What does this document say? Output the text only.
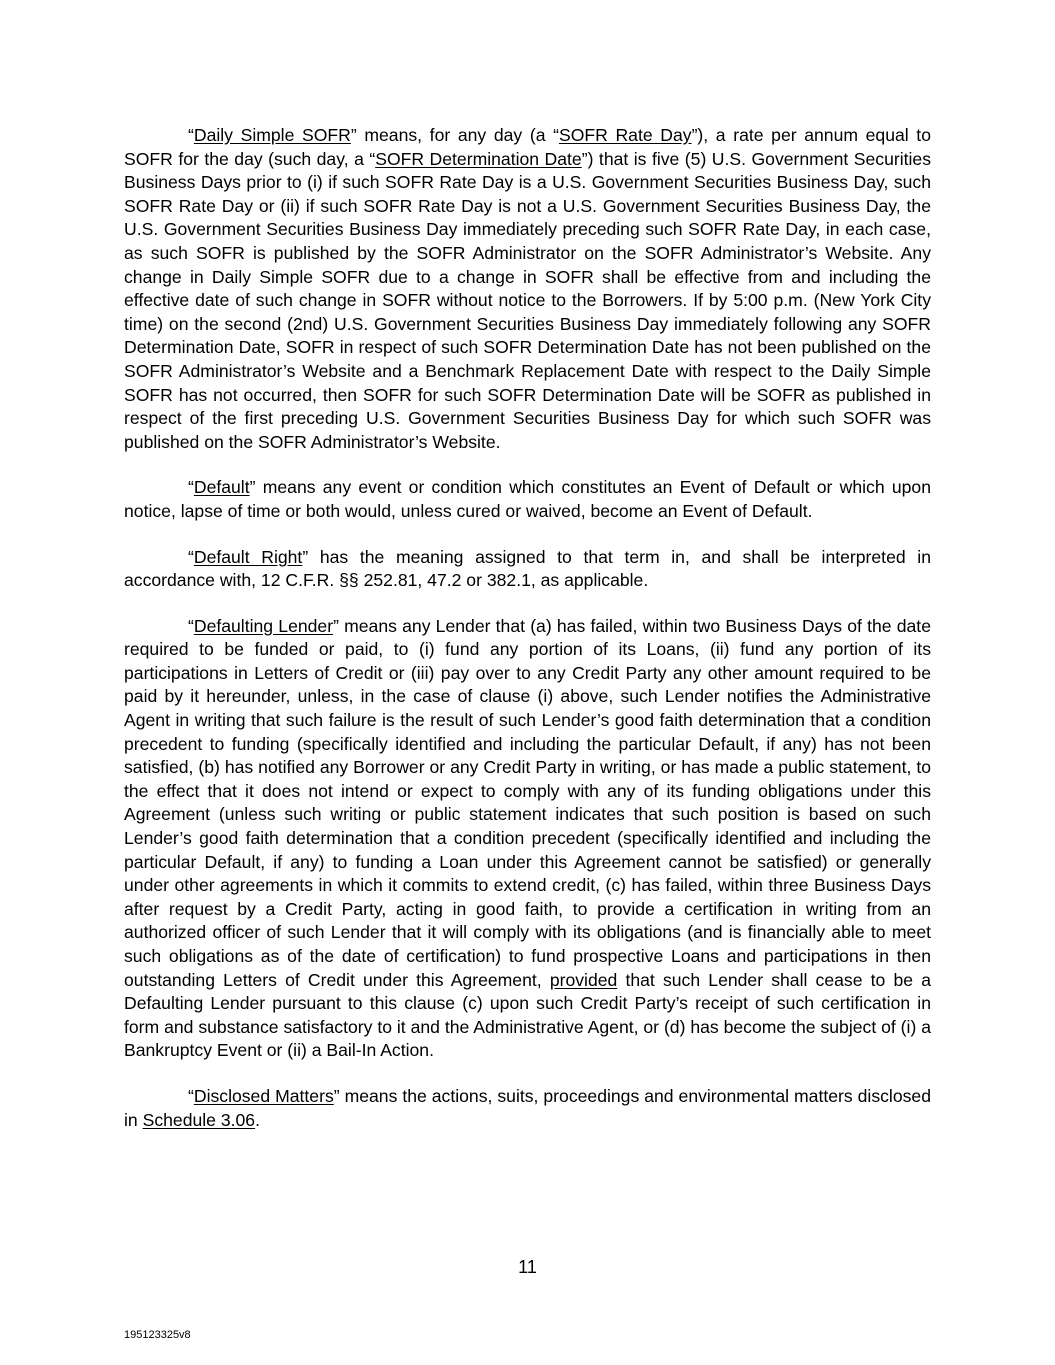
“Daily Simple SOFR” means, for any day (a “SOFR Rate Day”), a rate per annum equal to SOFR for the day (such day, a “SOFR Determination Date”) that is five (5) U.S. Government Securities Business Days prior to (i) if such SOFR Rate Day is a U.S. Government Securities Business Day, such SOFR Rate Day or (ii) if such SOFR Rate Day is not a U.S. Government Securities Business Day, the U.S. Government Securities Business Day immediately preceding such SOFR Rate Day, in each case, as such SOFR is published by the SOFR Administrator on the SOFR Administrator’s Website. Any change in Daily Simple SOFR due to a change in SOFR shall be effective from and including the effective date of such change in SOFR without notice to the Borrowers. If by 5:00 p.m. (New York City time) on the second (2nd) U.S. Government Securities Business Day immediately following any SOFR Determination Date, SOFR in respect of such SOFR Determination Date has not been published on the SOFR Administrator’s Website and a Benchmark Replacement Date with respect to the Daily Simple SOFR has not occurred, then SOFR for such SOFR Determination Date will be SOFR as published in respect of the first preceding U.S. Government Securities Business Day for which such SOFR was published on the SOFR Administrator’s Website.

“Default” means any event or condition which constitutes an Event of Default or which upon notice, lapse of time or both would, unless cured or waived, become an Event of Default.

“Default Right” has the meaning assigned to that term in, and shall be interpreted in accordance with, 12 C.F.R. §§ 252.81, 47.2 or 382.1, as applicable.

“Defaulting Lender” means any Lender that (a) has failed, within two Business Days of the date required to be funded or paid, to (i) fund any portion of its Loans, (ii) fund any portion of its participations in Letters of Credit or (iii) pay over to any Credit Party any other amount required to be paid by it hereunder, unless, in the case of clause (i) above, such Lender notifies the Administrative Agent in writing that such failure is the result of such Lender’s good faith determination that a condition precedent to funding (specifically identified and including the particular Default, if any) has not been satisfied, (b) has notified any Borrower or any Credit Party in writing, or has made a public statement, to the effect that it does not intend or expect to comply with any of its funding obligations under this Agreement (unless such writing or public statement indicates that such position is based on such Lender’s good faith determination that a condition precedent (specifically identified and including the particular Default, if any) to funding a Loan under this Agreement cannot be satisfied) or generally under other agreements in which it commits to extend credit, (c) has failed, within three Business Days after request by a Credit Party, acting in good faith, to provide a certification in writing from an authorized officer of such Lender that it will comply with its obligations (and is financially able to meet such obligations as of the date of certification) to fund prospective Loans and participations in then outstanding Letters of Credit under this Agreement, provided that such Lender shall cease to be a Defaulting Lender pursuant to this clause (c) upon such Credit Party’s receipt of such certification in form and substance satisfactory to it and the Administrative Agent, or (d) has become the subject of (i) a Bankruptcy Event or (ii) a Bail-In Action.

“Disclosed Matters” means the actions, suits, proceedings and environmental matters disclosed in Schedule 3.06.

11
195123325v8
